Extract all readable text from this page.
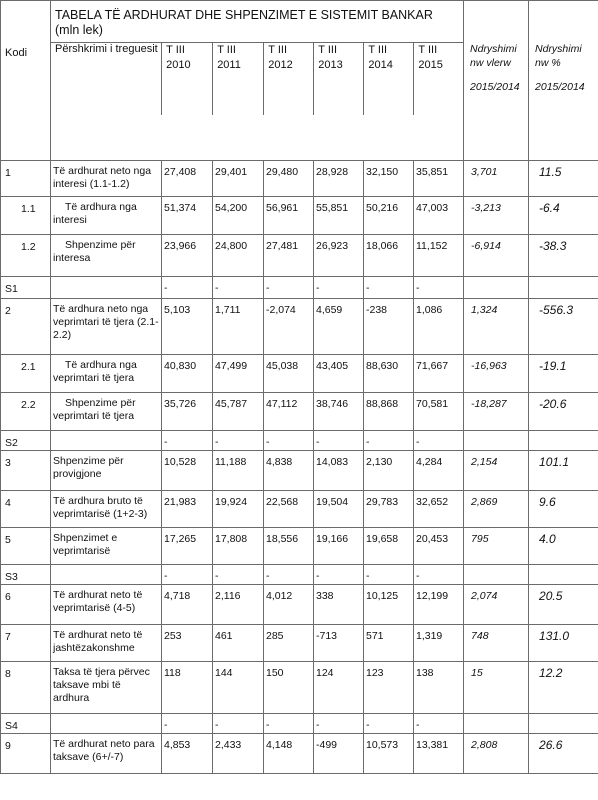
Kodi	
TABELA TË ARDHURAT DHE SHPENZIMET E SISTEMIT BANKAR
(mln lek)
Përshkrimi i treguesit	T III 2010	T III 2011	T III 2012	T III 2013	T III 2014	T III 2015
	Ndryshimi nw vlerw
2015/2014
	Ndryshimi nw %
2015/2014

1	Të ardhurat neto nga interesi (1.1-1.2)	27,408	29,401	29,480	28,928	32,150	35,851	3,701	11.5
1.1	Të ardhura nga interesi	51,374	54,200	56,961	55,851	50,216	47,003	-3,213	-6.4
1.2	Shpenzime për interesa	23,966	24,800	27,481	26,923	18,066	11,152	-6,914	-38.3
S1		-	-	-	-	-	-		
2	Të ardhura neto nga veprimtari të tjera (2.1-2.2)	5,103	1,711	-2,074	4,659	-238	1,086	1,324	-556.3
2.1	Të ardhura nga veprimtari të tjera	40,830	47,499	45,038	43,405	88,630	71,667	-16,963	-19.1
2.2	Shpenzime për veprimtari të tjera	35,726	45,787	47,112	38,746	88,868	70,581	-18,287	-20.6
S2		-	-	-	-	-	-		
3	Shpenzime për provigjone	10,528	11,188	4,838	14,083	2,130	4,284	2,154	101.1
4	Të ardhura bruto të veprimtarisë (1+2-3)	21,983	19,924	22,568	19,504	29,783	32,652	2,869	9.6
5	Shpenzimet e veprimtarisë	17,265	17,808	18,556	19,166	19,658	20,453	795	4.0
S3		-	-	-	-	-	-		
6	Të ardhurat neto të veprimtarisë (4-5)	4,718	2,116	4,012	338	10,125	12,199	2,074	20.5
7	Të ardhurat neto të jashtëzakonshme	253	461	285	-713	571	1,319	748	131.0
8	Taksa të tjera përvec taksave mbi të ardhura	118	144	150	124	123	138	15	12.2
S4		-	-	-	-	-	-		
9	Të ardhurat neto para taksave (6+/-7)	4,853	2,433	4,148	-499	10,573	13,381	2,808	26.6
